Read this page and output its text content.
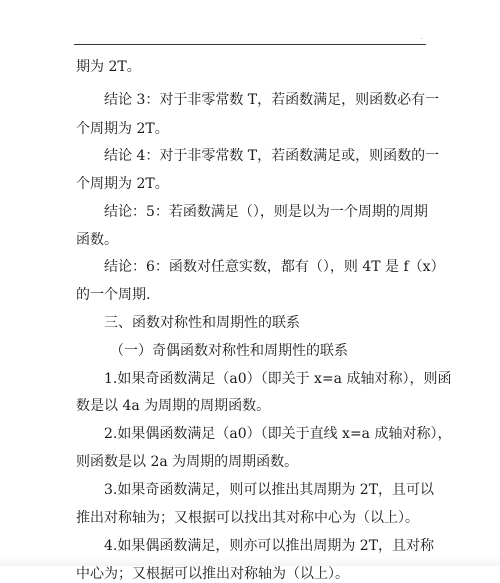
·
期为 2T。
结论 3：对于非零常数 T，若函数满足，则函数必有一
个周期为 2T。
结论 4：对于非零常数 T，若函数满足或，则函数的一
个周期为 2T。
结论：5：若函数满足（），则是以为一个周期的周期
函数。
结论：6：函数对任意实数，都有（），则 4T 是 f（x）
的一个周期.
三、函数对称性和周期性的联系
（一）奇偶函数对称性和周期性的联系
1.如果奇函数满足（a0）（即关于 x=a 成轴对称），则函
数是以 4a 为周期的周期函数。
2.如果偶函数满足（a0）（即关于直线 x=a 成轴对称），
则函数是以 2a 为周期的周期函数。
3.如果奇函数满足，则可以推出其周期为 2T，且可以
推出对称轴为；又根据可以找出其对称中心为（以上）。
4.如果偶函数满足，则亦可以推出周期为 2T，且对称
中心为；又根据可以推出对称轴为（以上）。
